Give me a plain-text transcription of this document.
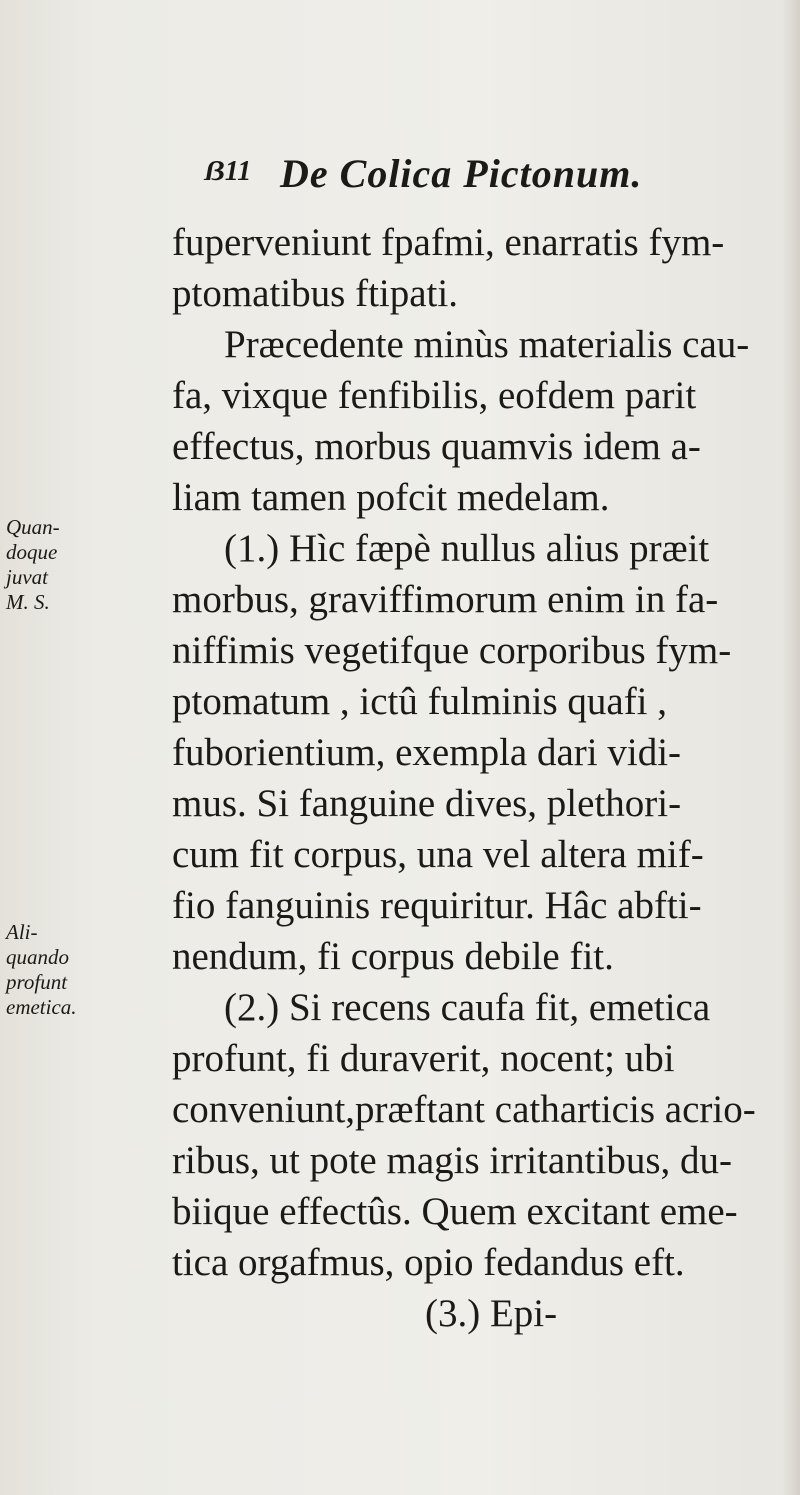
ẞ11 De Colica Pictonum.
Quan-
doque
juvat
M. S.
Ali-
quando
profunt
emetica.
fuperveniunt fpafmi, enarratis fym-
ptomatibus ftipati.
Præcedente minùs materialis cau-
fa, vixque fenfibilis, eofdem parit
effectus, morbus quamvis idem a-
liam tamen pofcit medelam.
(1.) Hìc fæpè nullus alius præit
morbus, graviffimorum enim in fa-
niffimis vegetifque corporibus fym-
ptomatum , ictû fulminis quafi ,
fuborientium, exempla dari vidi-
mus. Si fanguine dives, plethori-
cum fit corpus, una vel altera mif-
fio fanguinis requiritur. Hâc abfti-
nendum, fi corpus debile fit.
(2.) Si recens caufa fit, emetica
profunt, fi duraverit, nocent; ubi
conveniunt,præftant catharticis acrio-
ribus, ut pote magis irritantibus, du-
biique effectûs. Quem excitant eme-
tica orgafmus, opio fedandus eft.
(3.) Epi-
